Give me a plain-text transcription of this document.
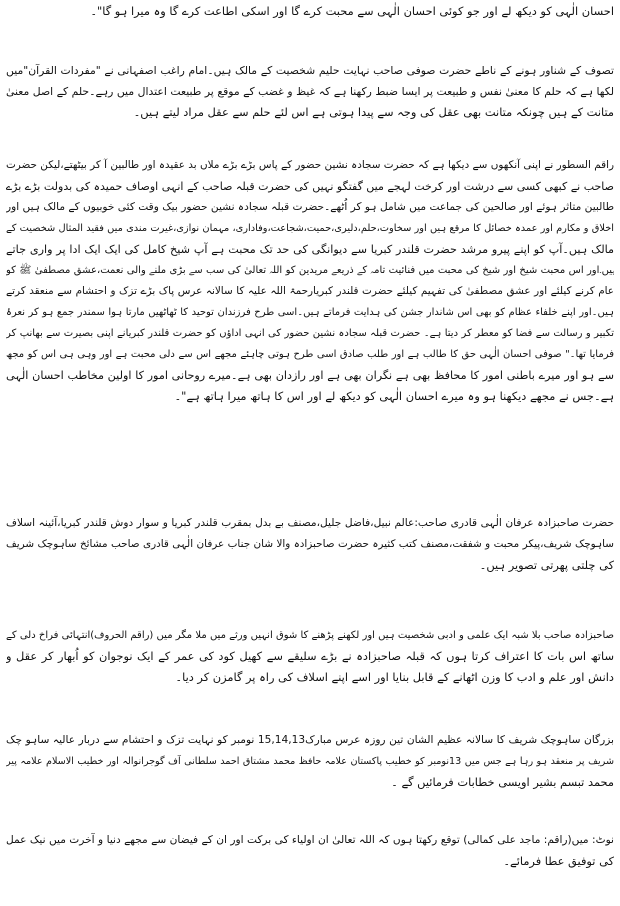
احسان الٰہی کو دیکھ لے اور جو کوئی احسان الٰہی سے محبت کرے گا اور اسکی اطاعت کرے گا وہ میرا ہو گا"۔
تصوف کے شناور ہونے کے ناطے حضرت صوفی صاحب نہایت حلیم شخصیت کے مالک ہیں۔امام راغب اصفہانی نے "مفردات القرآن"میں
لکھا ہے کہ حلم کا معنیٰ نفس و طبیعت پر ایسا ضبط رکھنا ہے کہ غیظ و غضب کے موقع پر طبیعت اعتدال میں رہے۔حلم کے اصل معنیٰ
متانت کے ہیں چونکہ متانت بھی عقل کی وجہ سے پیدا ہوتی ہے اس لئے حلم سے عقل مراد لیتے ہیں۔
راقم السطور نے اپنی آنکھوں سے دیکھا ہے کہ حضرت سجادہ نشین حضور کے پاس بڑے بڑے ملاں بد عقیدہ اور طالبین آ کر بیٹھتے،لیکن حضرت
صاحب نے کبھی کسی سے درشت اور کرخت لہجے میں گفتگو نہیں کی حضرت قبلہ صاحب کے انہی اوصاف حمیدہ کی بدولت بڑے بڑے
طالبین متاثر ہوئے اور صالحین کی جماعت میں شامل ہو کر اُٹھے۔حضرت قبلہ سجادہ نشین حضور بیک وقت کئی خوبیوں کے مالک ہیں اور
اخلاق و مکارم اور عمدہ خصائل کا مرقع ہیں اور سخاوت،حلم،دلیری،حمیت،شجاعت،وفاداری، مہمان نوازی،غیرت مندی میں فقید المثال شخصیت کے
مالک ہیں۔آپ کو اپنے پیرو مرشد حضرت قلندر کبریا سے دیوانگی کی حد تک محبت ہے آپ شیخ کامل کی ایک ایک ادا پر واری جاتے
ہیں۔اور اس محبت شیخ اور شیخ کی محبت میں فنائیت تامہ کے ذریعے مریدین کو اللہ تعالیٰ کی سب سے بڑی ملنے والی نعمت،عشق مصطفیٰ ﷺ کو
عام کرنے کیلئے اور عشق مصطفیٰ کی تفہیم کیلئے حضرت قلندر کبریارحمۃ اللہ علیہ کا سالانہ عرس پاک بڑے تزک و احتشام سے منعقد کرتے
ہیں۔اور اپنے خلفاء عظام کو بھی اس شاندار جشن کی ہدایت فرماتے ہیں۔اسی طرح فرزندان توحید کا ٹھاٹھیں مارتا ہوا سمندر جمع ہو کر نعرۂ
تکبیر و رسالت سے فضا کو معطر کر دیتا ہے۔ حضرت قبلہ سجادہ نشین حضور کی انہی اداؤں کو حضرت قلندر کبریانے اپنی بصیرت سے بھانپ کر
فرمایا تھا۔" صوفی احسان الٰہی حق کا طالب ہے اور طلب صادق اسی طرح ہوتی چاہئے مجھے اس سے دلی محبت ہے اور وہی ہی اس کو مجھ
سے ہو اور میرے باطنی امور کا محافظ بھی ہے نگران بھی ہے اور رازدان بھی ہے۔میرے روحانی امور کا اولین مخاطب احسان الٰہی
ہے۔جس نے مجھے دیکھنا ہو وہ میرے احسان الٰہی کو دیکھ لے اور اس کا ہاتھ میرا ہاتھ ہے"۔
حضرت صاحبزادہ عرفان الٰہی قادری صاحب:عالم نبیل،فاضل جلیل،مصنف بے بدل بمقرب قلندر کبریا و سوار دوش قلندر کبریا،آئینہ اسلاف
ساہوچک شریف،پیکر محبت و شفقت،مصنف کتب کثیرہ حضرت صاحبزادہ والا شان جناب عرفان الٰہی قادری صاحب مشائخ ساہوچک شریف
کی چلتی پھرتی تصویر ہیں۔
صاحبزادہ صاحب بلا شبہ ایک علمی و ادبی شخصیت ہیں اور لکھنے پڑھنے کا شوق انہیں ورثے میں ملا مگر میں (راقم الحروف)انتہائی فراخ دلی کے
ساتھ اس بات کا اعتراف کرتا ہوں کہ قبلہ صاحبزادہ نے بڑے سلیقے سے کھیل کود کی عمر کے ایک نوجوان کو اُبھار کر عقل و
دانش اور علم و ادب کا وزن اٹھانے کے قابل بنایا اور اسے اپنے اسلاف کی راہ پر گامزن کر دیا۔
بزرگان ساہوچک شریف کا سالانہ عظیم الشان تین روزہ عرس مبارک15,14,13 نومبر کو نہایت تزک و احتشام سے دربار عالیہ ساہو چک
شریف پر منعقد ہو رہا ہے جس میں 13نومبر کو خطیب پاکستان علامہ حافظ محمد مشتاق احمد سلطانی آف گوجرانوالہ اور خطیب الاسلام علامہ پیر
محمد تبسم بشیر اویسی خطابات فرمائیں گے ۔
نوٹ: میں(راقم: ماجد علی کمالی) توقع رکھتا ہوں کہ اللہ تعالیٰ ان اولیاء کی برکت اور ان کے فیضان سے مجھے دنیا و آخرت میں نیک عمل
کی توفیق عطا فرمائے۔
